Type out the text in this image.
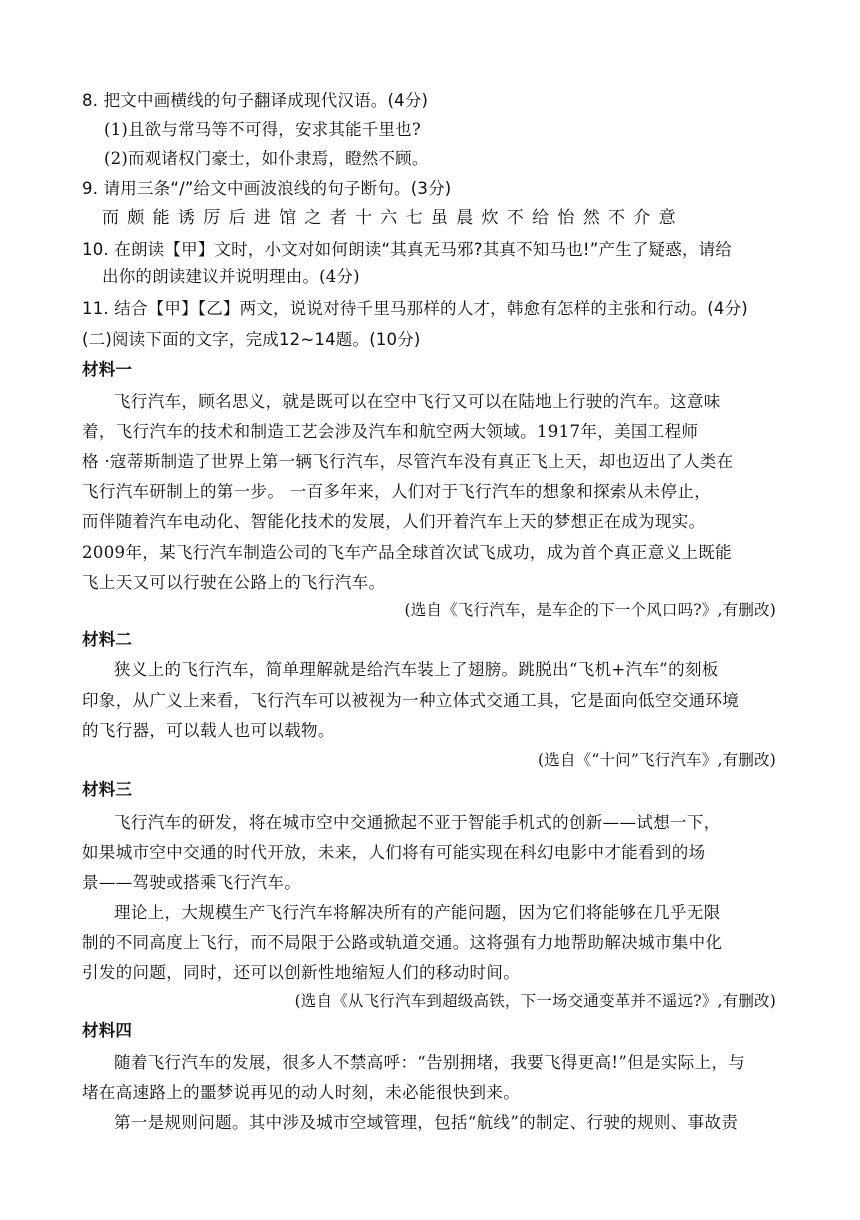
8. 把文中画横线的句子翻译成现代汉语。(4分)
(1)且欲与常马等不可得，安求其能千里也?
(2)而观诸权门豪士，如仆隶焉，瞪然不顾。
9. 请用三条“/”给文中画波浪线的句子断句。(3分)
而颇能诱厉后进馆之者十六七虽晨炊不给怡然不介意
10. 在朗读【甲】文时，小文对如何朗读“其真无马邪?其真不知马也!”产生了疑惑，请给
出你的朗读建议并说明理由。(4分)
11. 结合【甲】【乙】两文，说说对待千里马那样的人才，韩愈有怎样的主张和行动。(4分)
(二)阅读下面的文字，完成12~14题。(10分)
材料一
飞行汽车，顾名思义，就是既可以在空中飞行又可以在陆地上行驶的汽车。这意味
着，飞行汽车的技术和制造工艺会涉及汽车和航空两大领域。1917年，美国工程师
格 ·寇蒂斯制造了世界上第一辆飞行汽车，尽管汽车没有真正飞上天，却也迈出了人类在
飞行汽车研制上的第一步。 一百多年来，人们对于飞行汽车的想象和探索从未停止，
而伴随着汽车电动化、智能化技术的发展，人们开着汽车上天的梦想正在成为现实。
2009年，某飞行汽车制造公司的飞车产品全球首次试飞成功，成为首个真正意义上既能
飞上天又可以行驶在公路上的飞行汽车。
(选自《飞行汽车，是车企的下一个风口吗?》,有删改)
材料二
狭义上的飞行汽车，简单理解就是给汽车装上了翅膀。跳脱出“飞机+汽车”的刻板
印象，从广义上来看，飞行汽车可以被视为一种立体式交通工具，它是面向低空交通环境
的飞行器，可以载人也可以载物。
(选自《“十问”飞行汽车》,有删改)
材料三
飞行汽车的研发，将在城市空中交通掀起不亚于智能手机式的创新——试想一下，
如果城市空中交通的时代开放，未来，人们将有可能实现在科幻电影中才能看到的场
景——驾驶或搭乘飞行汽车。
理论上，大规模生产飞行汽车将解决所有的产能问题，因为它们将能够在几乎无限
制的不同高度上飞行，而不局限于公路或轨道交通。这将强有力地帮助解决城市集中化
引发的问题，同时，还可以创新性地缩短人们的移动时间。
(选自《从飞行汽车到超级高铁，下一场交通变革并不遥远?》,有删改)
材料四
随着飞行汽车的发展，很多人不禁高呼：“告别拥堵，我要飞得更高!”但是实际上，与
堵在高速路上的噩梦说再见的动人时刻，未必能很快到来。
第一是规则问题。其中涉及城市空域管理，包括“航线”的制定、行驶的规则、事故责
